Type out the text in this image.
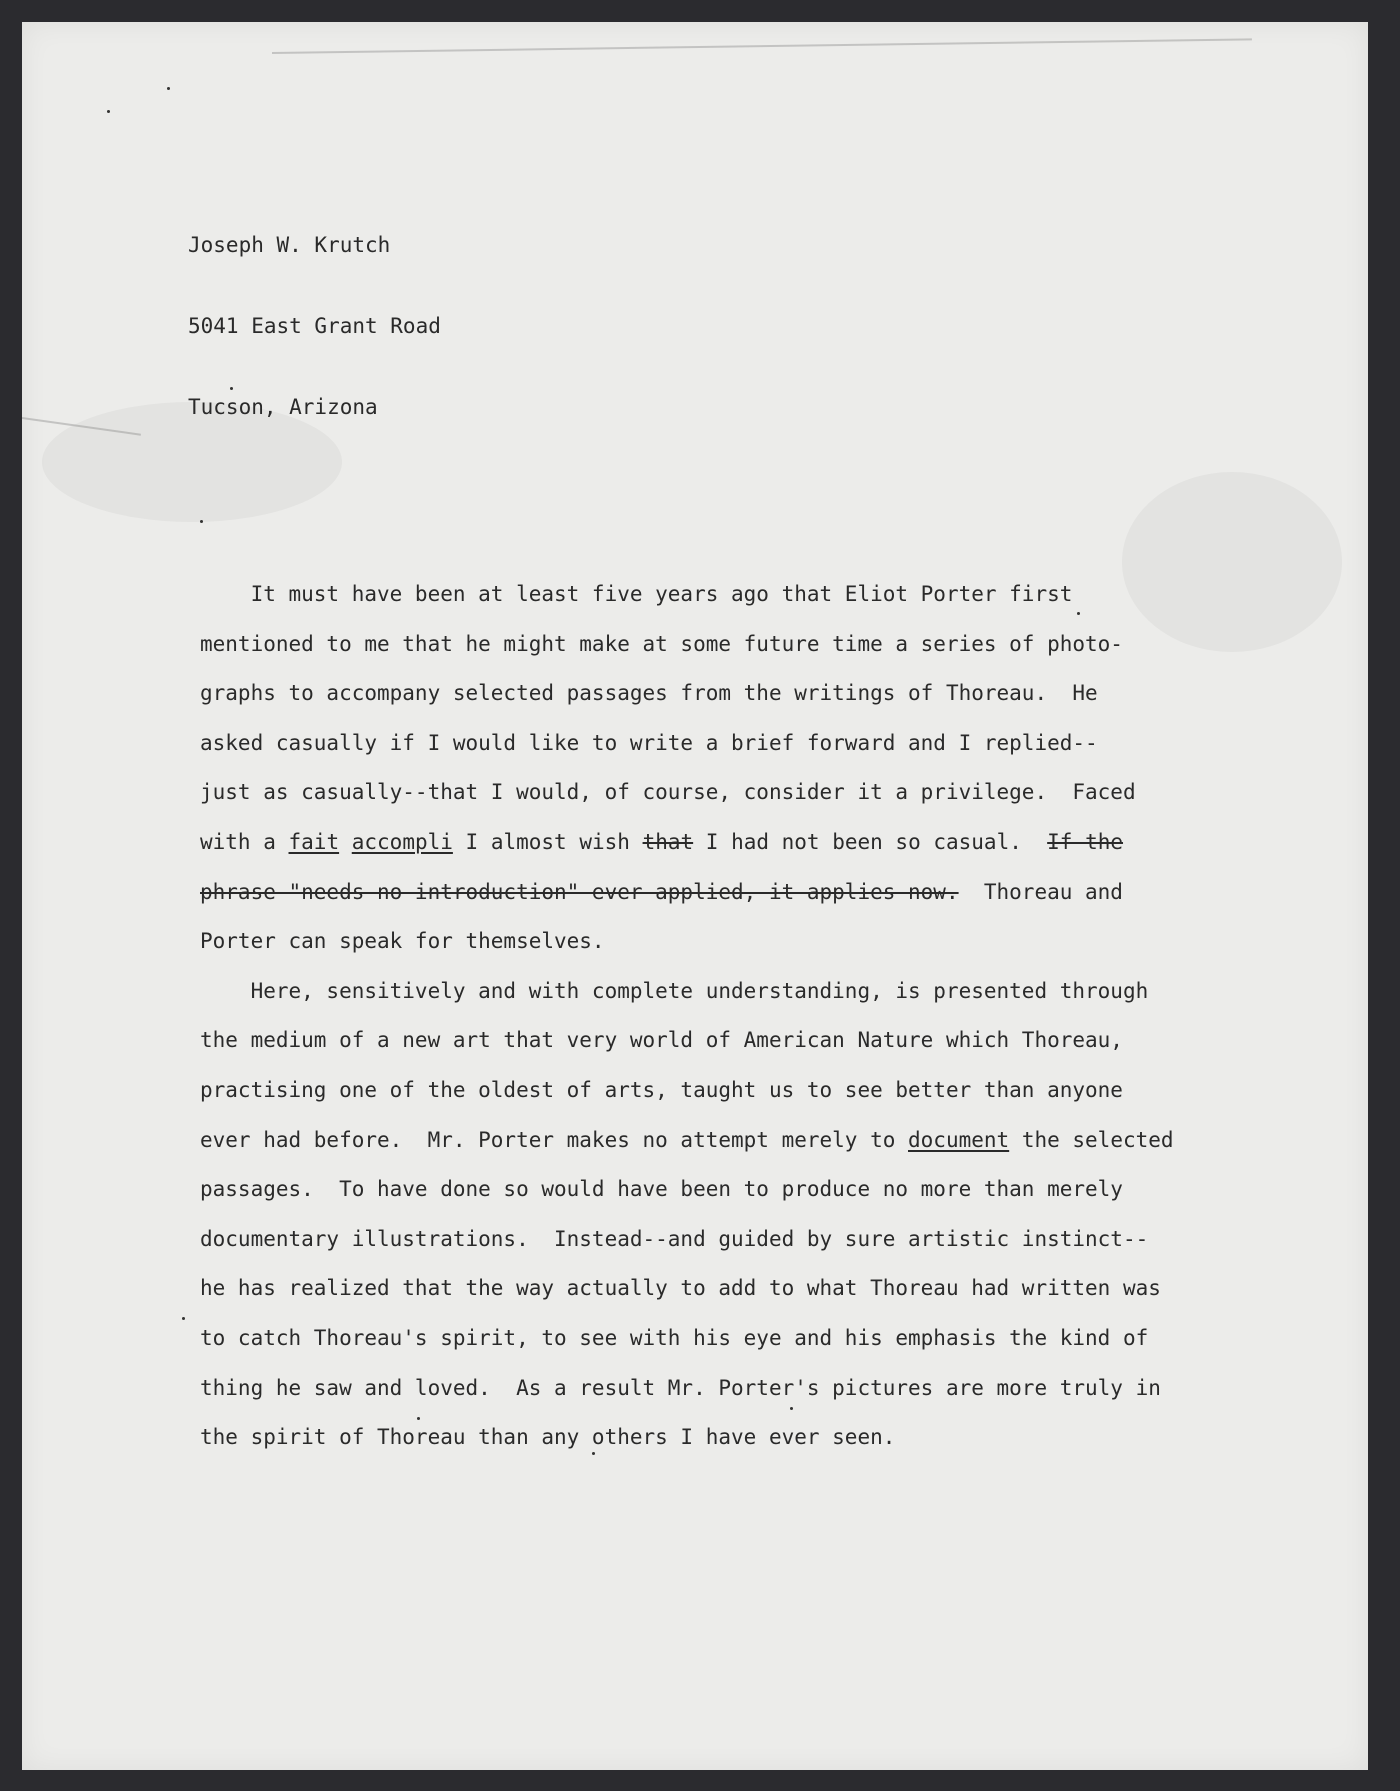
Joseph W. Krutch

5041 East Grant Road

Tucson, Arizona

It must have been at least five years ago that Eliot Porter first
mentioned to me that he might make at some future time a series of photo-
graphs to accompany selected passages from the writings of Thoreau.  He
asked casually if I would like to write a brief forward and I replied--
just as casually--that I would, of course, consider it a privilege.  Faced
with a fait accompli I almost wish that I had not been so casual.  If the
phrase "needs no introduction" ever applied, it applies now.  Thoreau and
Porter can speak for themselves.
Here, sensitively and with complete understanding, is presented through
the medium of a new art that very world of American Nature which Thoreau,
practising one of the oldest of arts, taught us to see better than anyone
ever had before.  Mr. Porter makes no attempt merely to document the selected
passages.  To have done so would have been to produce no more than merely
documentary illustrations.  Instead--and guided by sure artistic instinct--
he has realized that the way actually to add to what Thoreau had written was
to catch Thoreau's spirit, to see with his eye and his emphasis the kind of
thing he saw and loved.  As a result Mr. Porter's pictures are more truly in
the spirit of Thoreau than any others I have ever seen.
